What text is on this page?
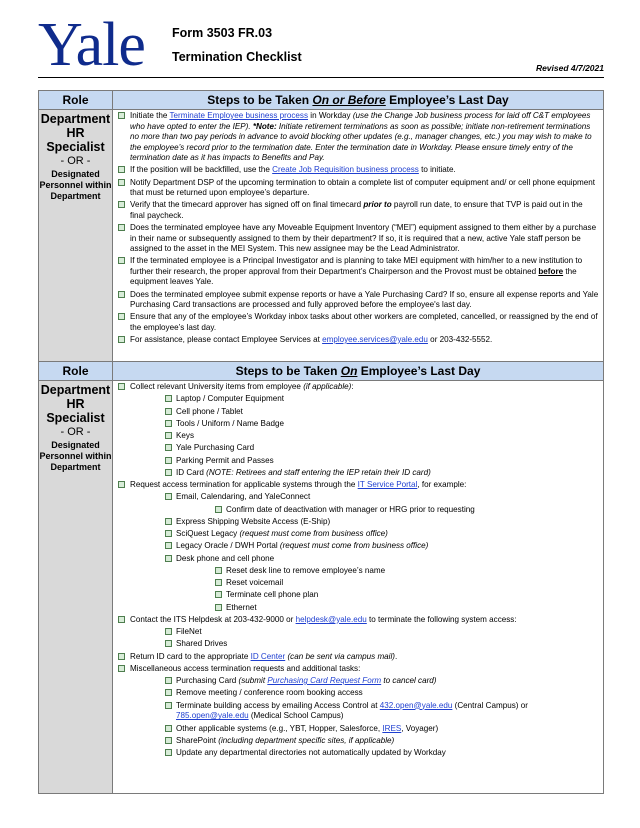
Yale Form 3503 FR.03
Termination Checklist
Revised 4/7/2021
Role	Steps to be Taken On or Before Employee’s Last Day
Department HR Specialist
- OR -
Designated Personnel within Department
Initiate the Terminate Employee business process in Workday (use the Change Job business process for laid off C&T employees who have opted to enter the IEP). *Note: Initiate retirement terminations as soon as possible; initiate non-retirement terminations no more than two pay periods in advance to avoid blocking other updates (e.g., manager changes, etc.) you may wish to make to the employee’s record prior to the termination date. Enter the termination date in Workday. Please ensure timely entry of the termination date as it has impacts to Benefits and Pay.
If the position will be backfilled, use the Create Job Requisition business process to initiate.
Notify Department DSP of the upcoming termination to obtain a complete list of computer equipment and/ or cell phone equipment that must be returned upon employee’s departure.
Verify that the timecard approver has signed off on final timecard prior to payroll run date, to ensure that TVP is paid out in the final paycheck.
Does the terminated employee have any Moveable Equipment Inventory (“MEI”) equipment assigned to them either by a purchase in their name or subsequently assigned to them by their department? If so, it is required that a new, active Yale staff person be assigned to the asset in the MEI System. This new assignee may be the Lead Administrator.
If the terminated employee is a Principal Investigator and is planning to take MEI equipment with him/her to a new institution to further their research, the proper approval from their Department’s Chairperson and the Provost must be obtained before the equipment leaves Yale.
Does the terminated employee submit expense reports or have a Yale Purchasing Card? If so, ensure all expense reports and Yale Purchasing Card transactions are processed and fully approved before the employee's last day.
Ensure that any of the employee’s Workday inbox tasks about other workers are completed, cancelled, or reassigned by the end of the employee’s last day.
For assistance, please contact Employee Services at employee.services@yale.edu or 203-432-5552.
Role	Steps to be Taken On Employee’s Last Day
Department HR Specialist
- OR -
Designated Personnel within Department
Collect relevant University items from employee (if applicable):
Laptop / Computer Equipment
Cell phone / Tablet
Tools / Uniform / Name Badge
Keys
Yale Purchasing Card
Parking Permit and Passes
ID Card (NOTE: Retirees and staff entering the IEP retain their ID card)
Request access termination for applicable systems through the IT Service Portal, for example:
Email, Calendaring, and YaleConnect
Confirm date of deactivation with manager or HRG prior to requesting
Express Shipping Website Access (E-Ship)
SciQuest Legacy (request must come from business office)
Legacy Oracle / DWH Portal (request must come from business office)
Desk phone and cell phone
Reset desk line to remove employee’s name
Reset voicemail
Terminate cell phone plan
Ethernet
Contact the ITS Helpdesk at 203-432-9000 or helpdesk@yale.edu to terminate the following system access:
FileNet
Shared Drives
Return ID card to the appropriate ID Center (can be sent via campus mail).
Miscellaneous access termination requests and additional tasks:
Purchasing Card (submit Purchasing Card Request Form to cancel card)
Remove meeting / conference room booking access
Terminate building access by emailing Access Control at 432.open@yale.edu (Central Campus) or 785.open@yale.edu (Medical School Campus)
Other applicable systems (e.g., YBT, Hopper, Salesforce, IRES, Voyager)
SharePoint (including department specific sites, if applicable)
Update any departmental directories not automatically updated by Workday
